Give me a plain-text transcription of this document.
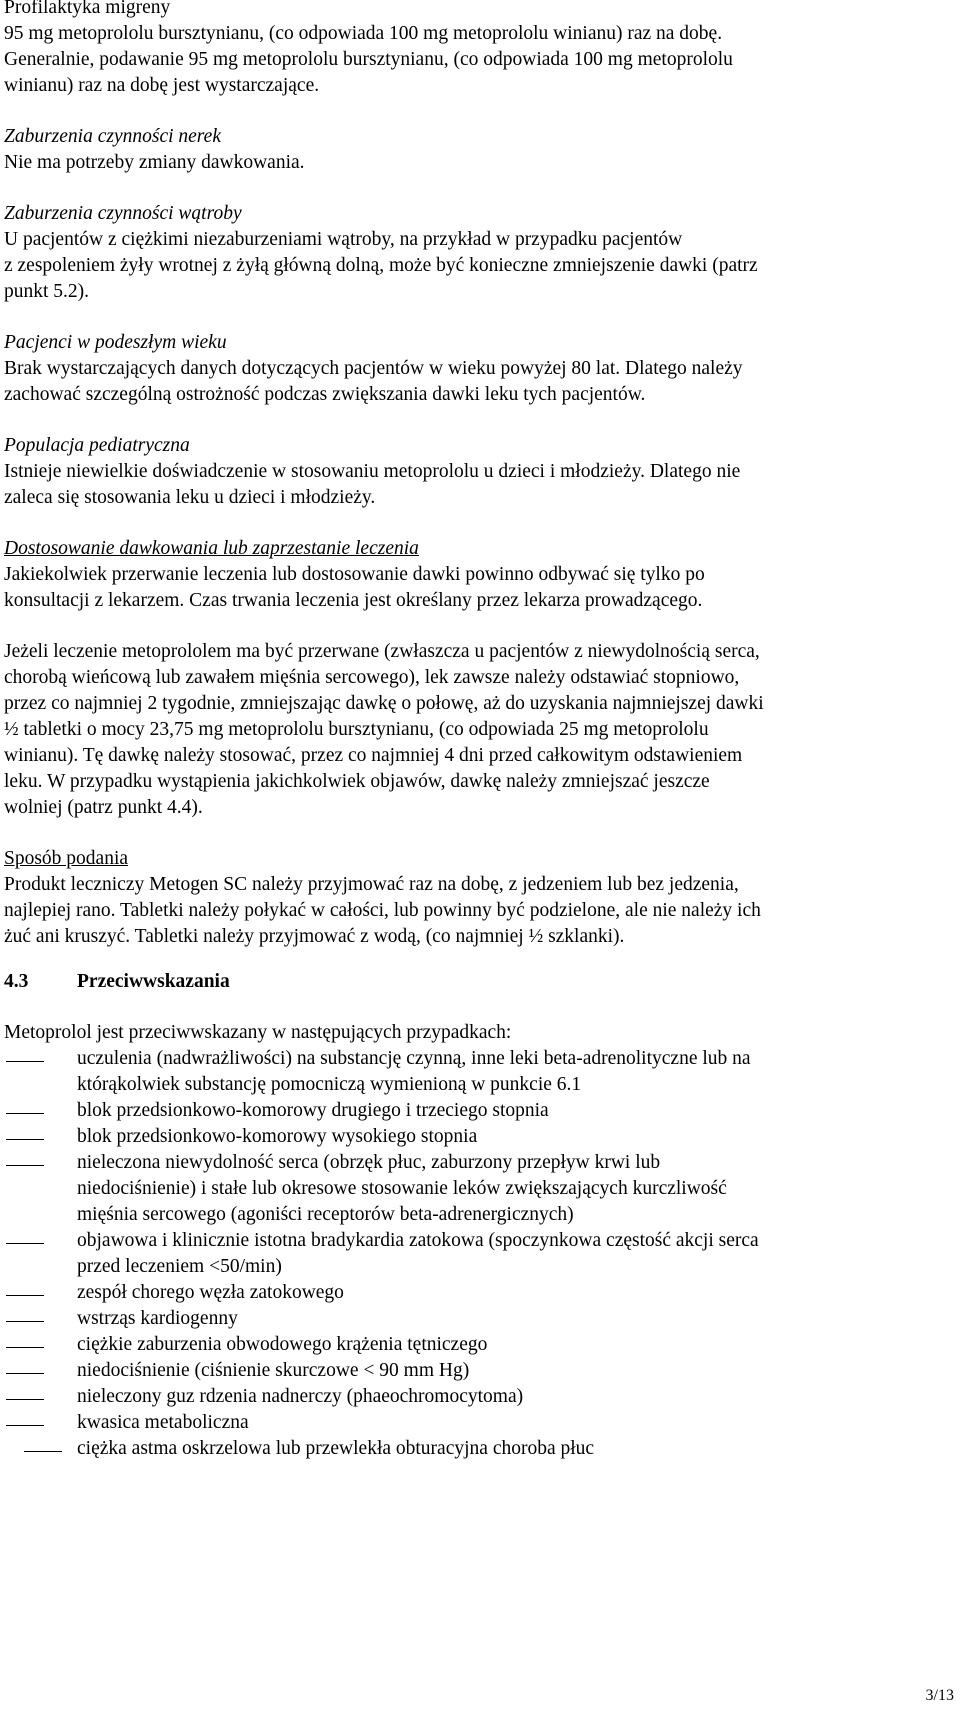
Profilaktyka migreny
95 mg metoprololu bursztynianu, (co odpowiada 100 mg metoprololu winianu) raz na dobę.
Generalnie, podawanie 95 mg metoprololu bursztynianu, (co odpowiada 100 mg metoprololu
winianu) raz na dobę jest wystarczające.
Zaburzenia czynności nerek
Nie ma potrzeby zmiany dawkowania.
Zaburzenia czynności wątroby
U pacjentów z ciężkimi niezaburzeniami wątroby, na przykład w przypadku pacjentów
z zespoleniem żyły wrotnej z żyłą główną dolną, może być konieczne zmniejszenie dawki (patrz
punkt 5.2).
Pacjenci w podeszłym wieku
Brak wystarczających danych dotyczących pacjentów w wieku powyżej 80 lat. Dlatego należy
zachować szczególną ostrożność podczas zwiększania dawki leku tych pacjentów.
Populacja pediatryczna
Istnieje niewielkie doświadczenie w stosowaniu metoprololu u dzieci i młodzieży. Dlatego nie
zaleca się stosowania leku u dzieci i młodzieży.
Dostosowanie dawkowania lub zaprzestanie leczenia
Jakiekolwiek przerwanie leczenia lub dostosowanie dawki powinno odbywać się tylko po
konsultacji z lekarzem. Czas trwania leczenia jest określany przez lekarza prowadzącego.
Jeżeli leczenie metoprololem ma być przerwane (zwłaszcza u pacjentów z niewydolnością serca,
chorobą wieńcową lub zawałem mięśnia sercowego), lek zawsze należy odstawiać stopniowo,
przez co najmniej 2 tygodnie, zmniejszając dawkę o połowę, aż do uzyskania najmniejszej dawki
½ tabletki o mocy 23,75 mg metoprololu bursztynianu, (co odpowiada 25 mg metoprololu
winianu). Tę dawkę należy stosować, przez co najmniej 4 dni przed całkowitym odstawieniem
leku. W przypadku wystąpienia jakichkolwiek objawów, dawkę należy zmniejszać jeszcze
wolniej (patrz punkt 4.4).
Sposób podania
Produkt leczniczy Metogen SC należy przyjmować raz na dobę, z jedzeniem lub bez jedzenia,
najlepiej rano. Tabletki należy połykać w całości, lub powinny być podzielone, ale nie należy ich
żuć ani kruszyć. Tabletki należy przyjmować z wodą, (co najmniej ½ szklanki).
4.3 Przeciwwskazania
Metoprolol jest przeciwwskazany w następujących przypadkach:
uczulenia (nadwrażliwości) na substancję czynną, inne leki beta-adrenolityczne lub na
którąkolwiek substancję pomocniczą wymienioną w punkcie 6.1
blok przedsionkowo-komorowy drugiego i trzeciego stopnia
blok przedsionkowo-komorowy wysokiego stopnia
nieleczona niewydolność serca (obrzęk płuc, zaburzony przepływ krwi lub
niedociśnienie) i stałe lub okresowe stosowanie leków zwiększających kurczliwość
mięśnia sercowego (agoniści receptorów beta-adrenergicznych)
objawowa i klinicznie istotna bradykardia zatokowa (spoczynkowa częstość akcji serca
przed leczeniem <50/min)
zespół chorego węzła zatokowego
wstrząs kardiogenny
ciężkie zaburzenia obwodowego krążenia tętniczego
niedociśnienie (ciśnienie skurczowe < 90 mm Hg)
nieleczony guz rdzenia nadnerczy (phaeochromocytoma)
kwasica metaboliczna
ciężka astma oskrzelowa lub przewlekła obturacyjna choroba płuc
3/13
